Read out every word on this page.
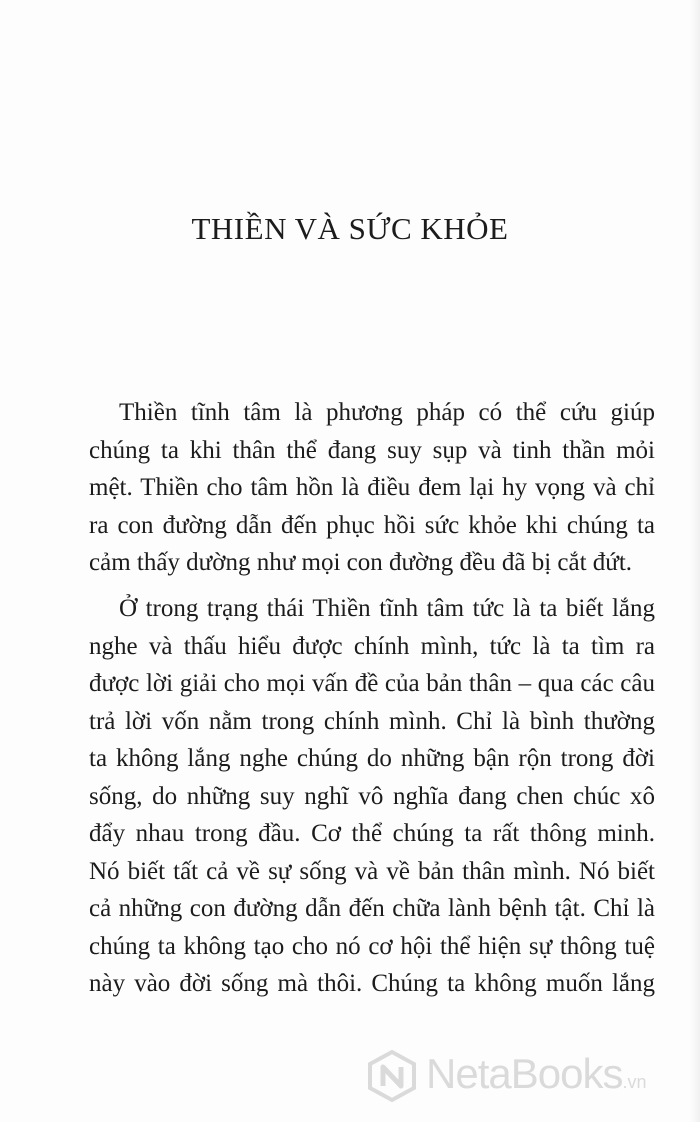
THIỀN VÀ SỨC KHỎE

Thiền tĩnh tâm là phương pháp có thể cứu giúp
chúng ta khi thân thể đang suy sụp và tinh thần mỏi
mệt. Thiền cho tâm hồn là điều đem lại hy vọng và chỉ
ra con đường dẫn đến phục hồi sức khỏe khi chúng ta
cảm thấy dường như mọi con đường đều đã bị cắt đứt.

Ở trong trạng thái Thiền tĩnh tâm tức là ta biết lắng
nghe và thấu hiểu được chính mình, tức là ta tìm ra
được lời giải cho mọi vấn đề của bản thân – qua các câu
trả lời vốn nằm trong chính mình. Chỉ là bình thường
ta không lắng nghe chúng do những bận rộn trong đời
sống, do những suy nghĩ vô nghĩa đang chen chúc xô
đẩy nhau trong đầu. Cơ thể chúng ta rất thông minh.
Nó biết tất cả về sự sống và về bản thân mình. Nó biết
cả những con đường dẫn đến chữa lành bệnh tật. Chỉ là
chúng ta không tạo cho nó cơ hội thể hiện sự thông tuệ
này vào đời sống mà thôi. Chúng ta không muốn lắng

NetaBooks.vn
